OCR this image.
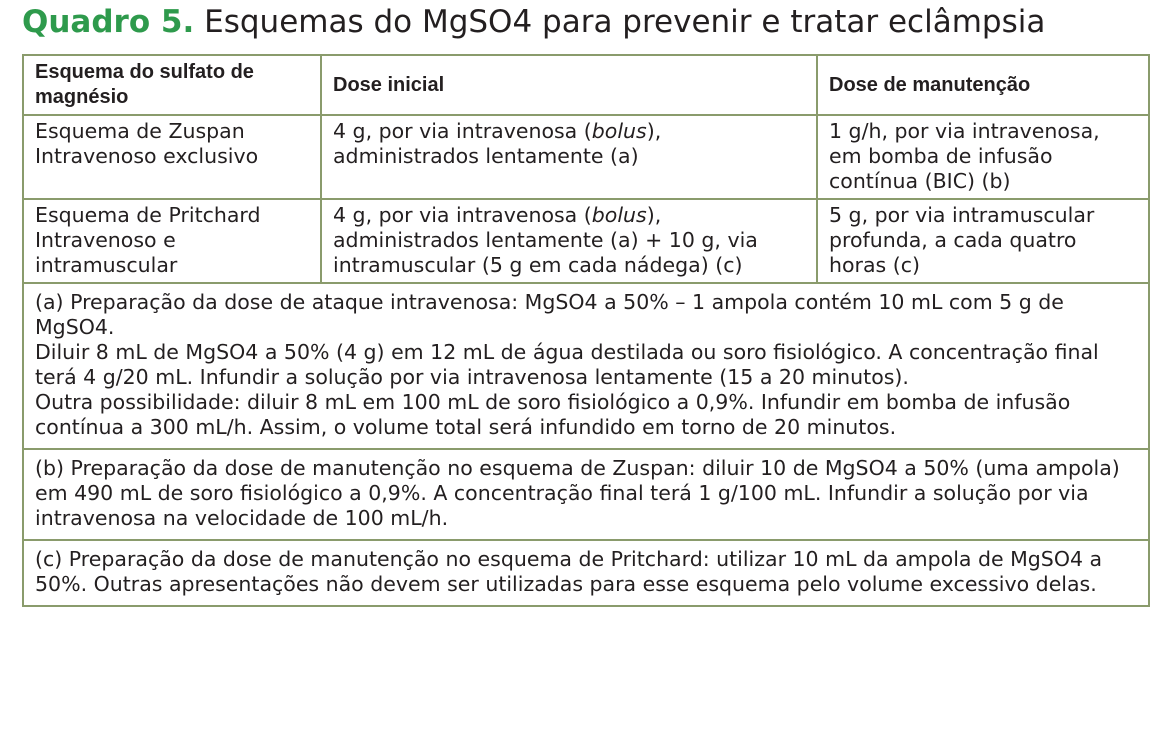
Quadro 5. Esquemas do MgSO4 para prevenir e tratar eclâmpsia
Esquema do sulfato de magnésio	Dose inicial	Dose de manutenção
Esquema de Zuspan Intravenoso exclusivo	4 g, por via intravenosa (bolus), administrados lentamente (a)	1 g/h, por via intravenosa, em bomba de infusão contínua (BIC) (b)
Esquema de Pritchard Intravenoso e intramuscular	4 g, por via intravenosa (bolus), administrados lentamente (a) + 10 g, via intramuscular (5 g em cada nádega) (c)	5 g, por via intramuscular profunda, a cada quatro horas (c)

(a) Preparação da dose de ataque intravenosa: MgSO4 a 50% – 1 ampola contém 10 mL com 5 g de MgSO4.
Diluir 8 mL de MgSO4 a 50% (4 g) em 12 mL de água destilada ou soro fisiológico. A concentração final terá 4 g/20 mL. Infundir a solução por via intravenosa lentamente (15 a 20 minutos).
Outra possibilidade: diluir 8 mL em 100 mL de soro fisiológico a 0,9%. Infundir em bomba de infusão contínua a 300 mL/h. Assim, o volume total será infundido em torno de 20 minutos.		

(b) Preparação da dose de manutenção no esquema de Zuspan: diluir 10 de MgSO4 a 50% (uma ampola) em 490 mL de soro fisiológico a 0,9%. A concentração final terá 1 g/100 mL. Infundir a solução por via intravenosa na velocidade de 100 mL/h.		
(c) Preparação da dose de manutenção no esquema de Pritchard: utilizar 10 mL da ampola de MgSO4 a 50%. Outras apresentações não devem ser utilizadas para esse esquema pelo volume excessivo delas.		
